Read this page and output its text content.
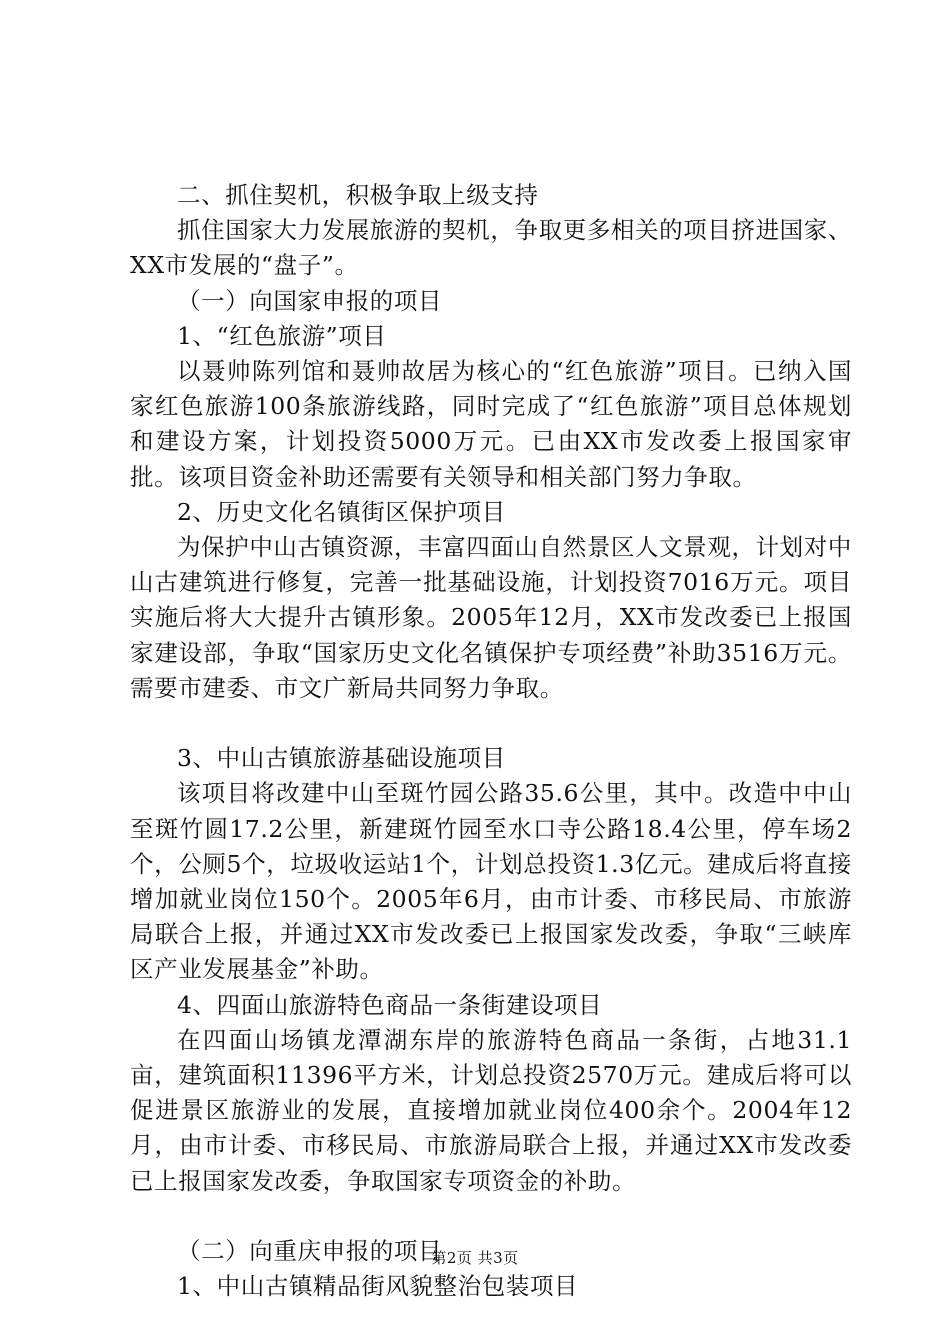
二、抓住契机，积极争取上级支持

抓住国家大力发展旅游的契机，争取更多相关的项目挤进国家、XX市发展的“盘子”。

（一）向国家申报的项目

1、“红色旅游”项目

以聂帅陈列馆和聂帅故居为核心的“红色旅游”项目。已纳入国家红色旅游100条旅游线路，同时完成了“红色旅游”项目总体规划和建设方案，计划投资5000万元。已由XX市发改委上报国家审批。该项目资金补助还需要有关领导和相关部门努力争取。

2、历史文化名镇街区保护项目

为保护中山古镇资源，丰富四面山自然景区人文景观，计划对中山古建筑进行修复，完善一批基础设施，计划投资7016万元。项目实施后将大大提升古镇形象。2005年12月，XX市发改委已上报国家建设部，争取“国家历史文化名镇保护专项经费”补助3516万元。需要市建委、市文广新局共同努力争取。

3、中山古镇旅游基础设施项目

该项目将改建中山至斑竹园公路35.6公里，其中。改造中中山至斑竹圆17.2公里，新建斑竹园至水口寺公路18.4公里，停车场2个，公厕5个，垃圾收运站1个，计划总投资1.3亿元。建成后将直接增加就业岗位150个。2005年6月，由市计委、市移民局、市旅游局联合上报，并通过XX市发改委已上报国家发改委，争取“三峡库区产业发展基金”补助。

4、四面山旅游特色商品一条街建设项目

在四面山场镇龙潭湖东岸的旅游特色商品一条街，占地31.1亩，建筑面积11396平方米，计划总投资2570万元。建成后将可以促进景区旅游业的发展，直接增加就业岗位400余个。2004年12月，由市计委、市移民局、市旅游局联合上报，并通过XX市发改委已上报国家发改委，争取国家专项资金的补助。

（二）向重庆申报的项目

1、中山古镇精品街风貌整治包装项目

第2页 共3页
